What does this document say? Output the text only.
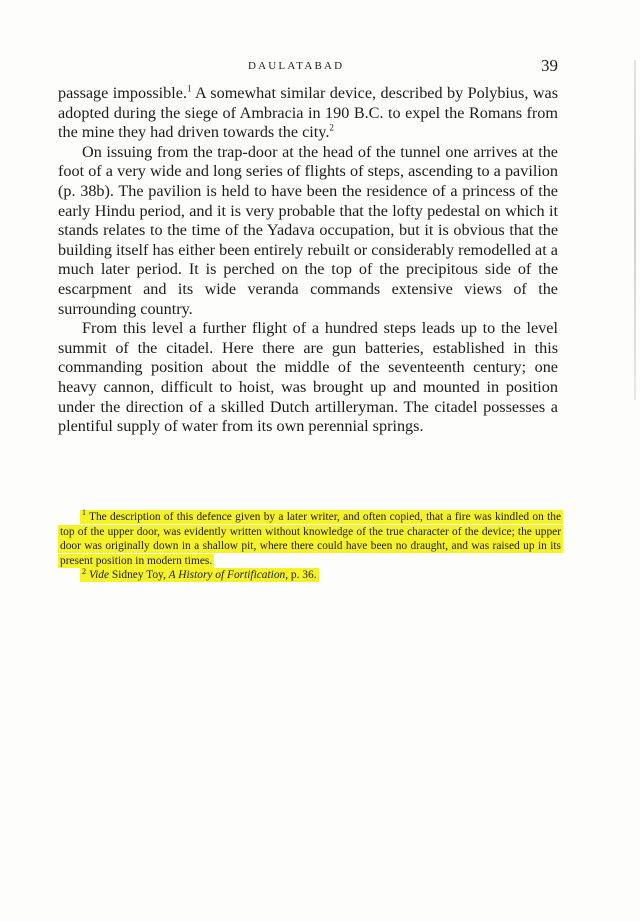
DAULATABAD	39

passage impossible.$^1$ A somewhat similar device, described by Polybius, was adopted during the siege of Ambracia in 190 B.C. to expel the Romans from the mine they had driven towards the city.$^2$

On issuing from the trap-door at the head of the tunnel one arrives at the foot of a very wide and long series of flights of steps, ascending to a pavilion (p. 38b). The pavilion is held to have been the residence of a princess of the early Hindu period, and it is very probable that the lofty pedestal on which it stands relates to the time of the Yadava occupation, but it is obvious that the building itself has either been entirely rebuilt or considerably remodelled at a much later period. It is perched on the top of the precipitous side of the escarpment and its wide veranda commands extensive views of the surrounding country.

From this level a further flight of a hundred steps leads up to the level summit of the citadel. Here there are gun batteries, established in this commanding position about the middle of the seventeenth century; one heavy cannon, difficult to hoist, was brought up and mounted in position under the direction of a skilled Dutch artilleryman. The citadel possesses a plentiful supply of water from its own perennial springs.

$^1$ The description of this defence given by a later writer, and often copied, that a fire was kindled on the top of the upper door, was evidently written without knowledge of the true character of the device; the upper door was originally down in a shallow pit, where there could have been no draught, and was raised up in its present position in modern times.

$^2$ Vide Sidney Toy, A History of Fortification, p. 36.
